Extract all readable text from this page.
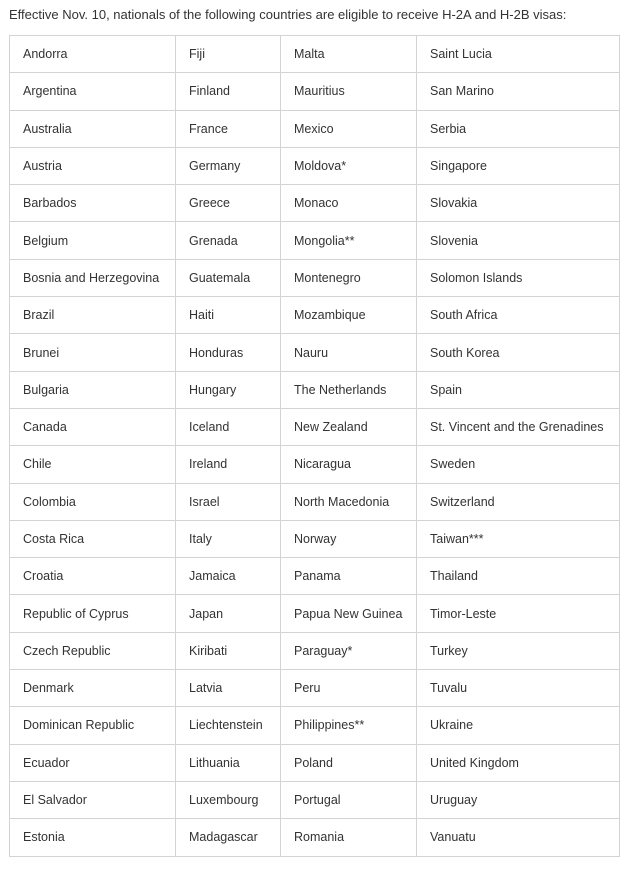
Effective Nov. 10, nationals of the following countries are eligible to receive H-2A and H-2B visas:
Andorra	Fiji	Malta	Saint Lucia
Argentina	Finland	Mauritius	San Marino
Australia	France	Mexico	Serbia
Austria	Germany	Moldova*	Singapore
Barbados	Greece	Monaco	Slovakia
Belgium	Grenada	Mongolia**	Slovenia
Bosnia and Herzegovina	Guatemala	Montenegro	Solomon Islands
Brazil	Haiti	Mozambique	South Africa
Brunei	Honduras	Nauru	South Korea
Bulgaria	Hungary	The Netherlands	Spain
Canada	Iceland	New Zealand	St. Vincent and the Grenadines
Chile	Ireland	Nicaragua	Sweden
Colombia	Israel	North Macedonia	Switzerland
Costa Rica	Italy	Norway	Taiwan***
Croatia	Jamaica	Panama	Thailand
Republic of Cyprus	Japan	Papua New Guinea	Timor-Leste
Czech Republic	Kiribati	Paraguay*	Turkey
Denmark	Latvia	Peru	Tuvalu
Dominican Republic	Liechtenstein	Philippines**	Ukraine
Ecuador	Lithuania	Poland	United Kingdom
El Salvador	Luxembourg	Portugal	Uruguay
Estonia	Madagascar	Romania	Vanuatu
